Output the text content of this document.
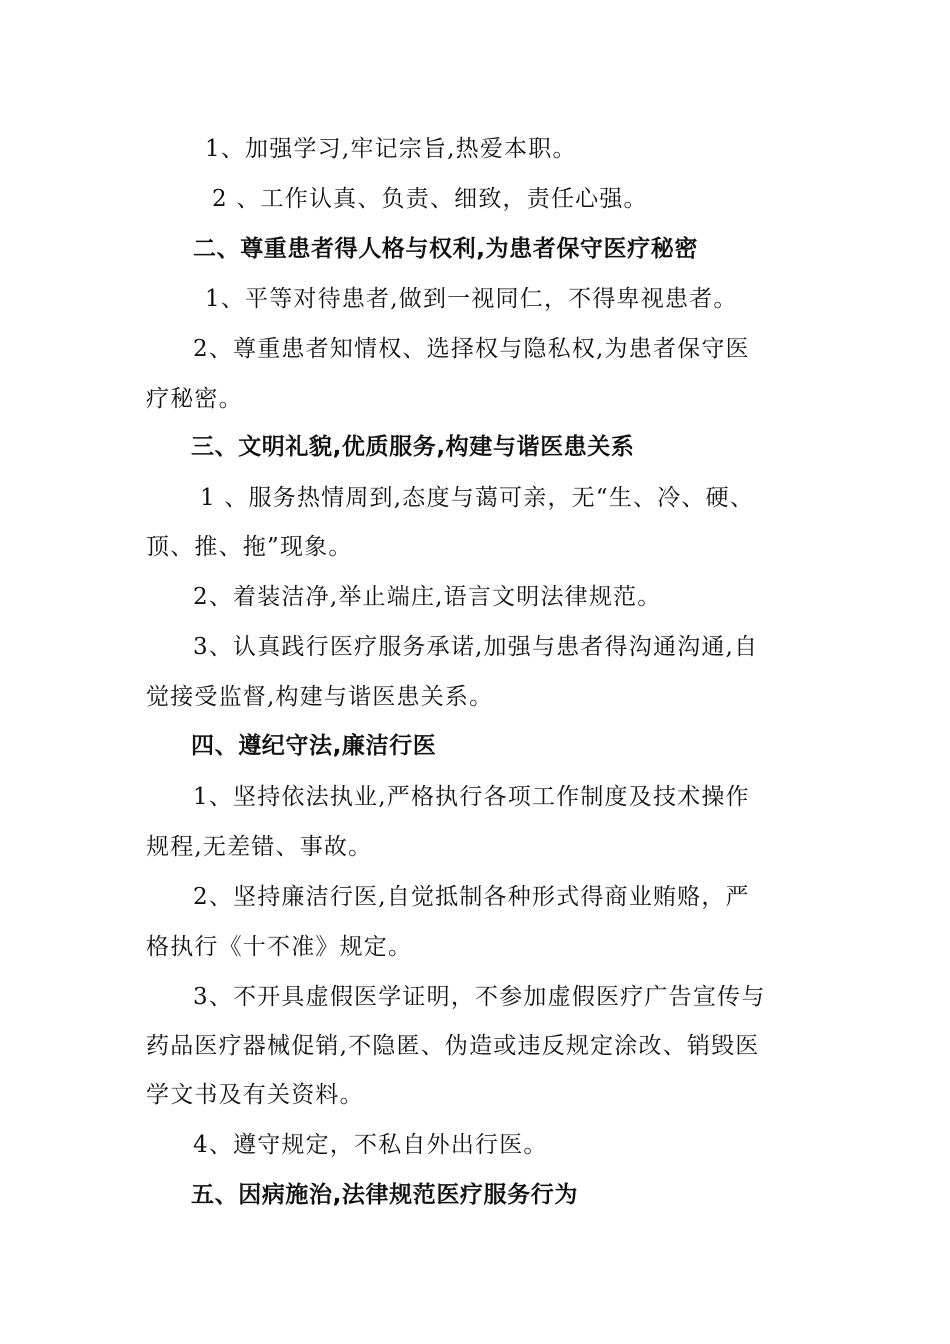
1、加强学习,牢记宗旨,热爱本职。
2 、工作认真、负责、细致，责任心强。
二、尊重患者得人格与权利,为患者保守医疗秘密
1、平等对待患者,做到一视同仁，不得卑视患者。
2、尊重患者知情权、选择权与隐私权,为患者保守医
疗秘密。
三、文明礼貌,优质服务,构建与谐医患关系
1 、服务热情周到,态度与蔼可亲，无“生、冷、硬、
顶、推、拖”现象。
2、着装洁净,举止端庄,语言文明法律规范。
3、认真践行医疗服务承诺,加强与患者得沟通沟通,自
觉接受监督,构建与谐医患关系。
四、遵纪守法,廉洁行医
1、坚持依法执业,严格执行各项工作制度及技术操作
规程,无差错、事故。
2、坚持廉洁行医,自觉抵制各种形式得商业贿赂，严
格执行《十不准》规定。
3、不开具虚假医学证明，不参加虚假医疗广告宣传与
药品医疗器械促销,不隐匿、伪造或违反规定涂改、销毁医
学文书及有关资料。
4、遵守规定，不私自外出行医。
五、因病施治,法律规范医疗服务行为
